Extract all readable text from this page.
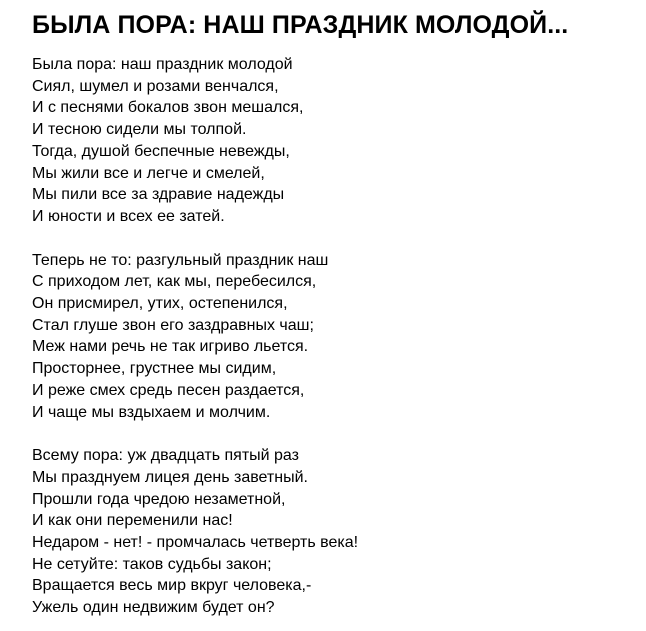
БЫЛА ПОРА: НАШ ПРАЗДНИК МОЛОДОЙ...
Была пора: наш праздник молодой
Сиял, шумел и розами венчался,
И с песнями бокалов звон мешался,
И тесною сидели мы толпой.
Тогда, душой беспечные невежды,
Мы жили все и легче и смелей,
Мы пили все за здравие надежды
И юности и всех ее затей.
Теперь не то: разгульный праздник наш
С приходом лет, как мы, перебесился,
Он присмирел, утих, остепенился,
Стал глуше звон его заздравных чаш;
Меж нами речь не так игриво льется.
Просторнее, грустнее мы сидим,
И реже смех средь песен раздается,
И чаще мы вздыхаем и молчим.
Всему пора: уж двадцать пятый раз
Мы празднуем лицея день заветный.
Прошли года чредою незаметной,
И как они переменили нас!
Недаром - нет! - промчалась четверть века!
Не сетуйте: таков судьбы закон;
Вращается весь мир вкруг человека,-
Ужель один недвижим будет он?
